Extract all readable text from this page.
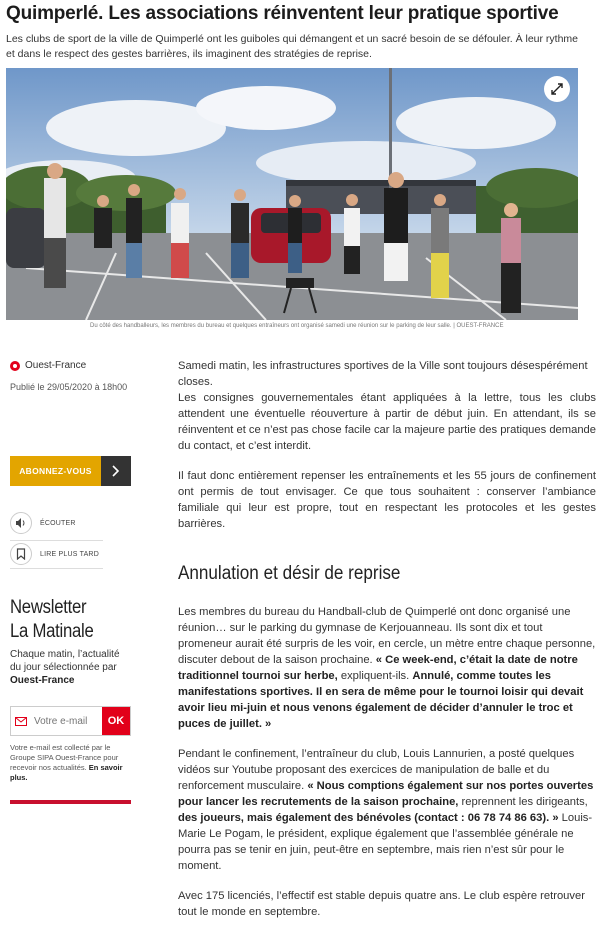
Quimperlé. Les associations réinventent leur pratique sportive
Les clubs de sport de la ville de Quimperlé ont les guiboles qui démangent et un sacré besoin de se défouler. À leur rythme et dans le respect des gestes barrières, ils imaginent des stratégies de reprise.
Du côté des handballeurs, les membres du bureau et quelques entraîneurs ont organisé samedi une réunion sur le parking de leur salle. | OUEST-FRANCE
Ouest-France
Publié le 29/05/2020 à 18h00
ABONNEZ-VOUS
ÉCOUTER
LIRE PLUS TARD
Newsletter
La Matinale
Chaque matin, l’actualité du jour sélectionnée par Ouest-France
Votre e-mail
OK
Votre e-mail est collecté par le Groupe SIPA Ouest-France pour recevoir nos actualités. En savoir plus.

Samedi matin, les infrastructures sportives de la Ville sont toujours désespérément closes.

Les consignes gouvernementales étant appliquées à la lettre, tous les clubs attendent une éventuelle réouverture à partir de début juin. En attendant, ils se réinventent et ce n’est pas chose facile car la majeure partie des pratiques demande du contact, et c’est interdit.

Il faut donc entièrement repenser les entraînements et les 55 jours de confinement ont permis de tout envisager. Ce que tous souhaitent : conserver l’ambiance familiale qui leur est propre, tout en respectant les protocoles et les gestes barrières.

Annulation et désir de reprise

Les membres du bureau du Handball-club de Quimperlé ont donc organisé une réunion… sur le parking du gymnase de Kerjouanneau. Ils sont dix et tout promeneur aurait été surpris de les voir, en cercle, un mètre entre chaque personne, discuter debout de la saison prochaine. « Ce week-end, c’était la date de notre traditionnel tournoi sur herbe, expliquent-ils. Annulé, comme toutes les manifestations sportives. Il en sera de même pour le tournoi loisir qui devait avoir lieu mi-juin et nous venons également de décider d’annuler le troc et puces de juillet. »

Pendant le confinement, l’entraîneur du club, Louis Lannurien, a posté quelques vidéos sur Youtube proposant des exercices de manipulation de balle et du renforcement musculaire. « Nous comptions également sur nos portes ouvertes pour lancer les recrutements de la saison prochaine, reprennent les dirigeants, des joueurs, mais également des bénévoles (contact : 06 78 74 86 63). » Louis-Marie Le Pogam, le président, explique également que l’assemblée générale ne pourra pas se tenir en juin, peut-être en septembre, mais rien n’est sûr pour le moment.

Avec 175 licenciés, l’effectif est stable depuis quatre ans. Le club espère retrouver tout le monde en septembre.
